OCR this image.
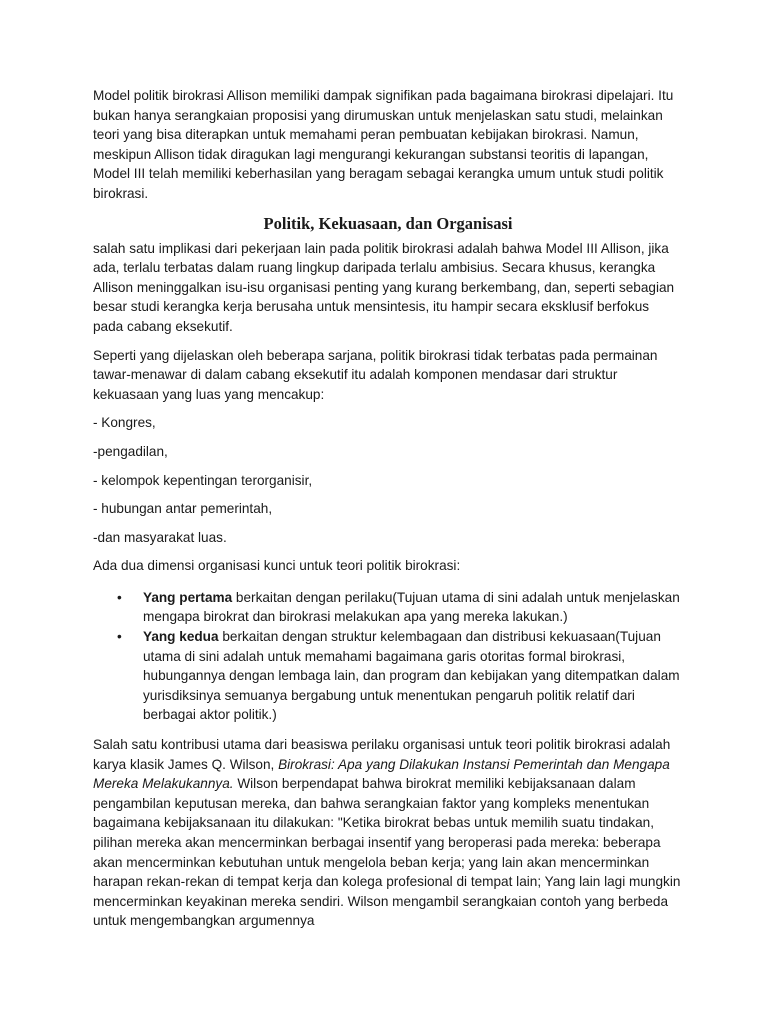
Model politik birokrasi Allison memiliki dampak signifikan pada bagaimana birokrasi dipelajari. Itu bukan hanya serangkaian proposisi yang dirumuskan untuk menjelaskan satu studi, melainkan teori yang bisa diterapkan untuk memahami peran pembuatan kebijakan birokrasi. Namun, meskipun Allison tidak diragukan lagi mengurangi kekurangan substansi teoritis di lapangan, Model III telah memiliki keberhasilan yang beragam sebagai kerangka umum untuk studi politik birokrasi.

Politik, Kekuasaan, dan Organisasi

salah satu implikasi dari pekerjaan lain pada politik birokrasi adalah bahwa Model III Allison, jika ada, terlalu terbatas dalam ruang lingkup daripada terlalu ambisius. Secara khusus, kerangka Allison meninggalkan isu-isu organisasi penting yang kurang berkembang, dan, seperti sebagian besar studi kerangka kerja berusaha untuk mensintesis, itu hampir secara eksklusif berfokus pada cabang eksekutif.

Seperti yang dijelaskan oleh beberapa sarjana, politik birokrasi tidak terbatas pada permainan tawar-menawar di dalam cabang eksekutif itu adalah komponen mendasar dari struktur kekuasaan yang luas yang mencakup:

- Kongres,

-pengadilan,

- kelompok kepentingan terorganisir,

- hubungan antar pemerintah,

-dan masyarakat luas.

Ada dua dimensi organisasi kunci untuk teori politik birokrasi:

• Yang pertama berkaitan dengan perilaku(Tujuan utama di sini adalah untuk menjelaskan mengapa birokrat dan birokrasi melakukan apa yang mereka lakukan.)
• Yang kedua berkaitan dengan struktur kelembagaan dan distribusi kekuasaan(Tujuan utama di sini adalah untuk memahami bagaimana garis otoritas formal birokrasi, hubungannya dengan lembaga lain, dan program dan kebijakan yang ditempatkan dalam yurisdiksinya semuanya bergabung untuk menentukan pengaruh politik relatif dari berbagai aktor politik.)

Salah satu kontribusi utama dari beasiswa perilaku organisasi untuk teori politik birokrasi adalah karya klasik James Q. Wilson, Birokrasi: Apa yang Dilakukan Instansi Pemerintah dan Mengapa Mereka Melakukannya. Wilson berpendapat bahwa birokrat memiliki kebijaksanaan dalam pengambilan keputusan mereka, dan bahwa serangkaian faktor yang kompleks menentukan bagaimana kebijaksanaan itu dilakukan: "Ketika birokrat bebas untuk memilih suatu tindakan, pilihan mereka akan mencerminkan berbagai insentif yang beroperasi pada mereka: beberapa akan mencerminkan kebutuhan untuk mengelola beban kerja; yang lain akan mencerminkan harapan rekan-rekan di tempat kerja dan kolega profesional di tempat lain; Yang lain lagi mungkin mencerminkan keyakinan mereka sendiri. Wilson mengambil serangkaian contoh yang berbeda untuk mengembangkan argumennya
